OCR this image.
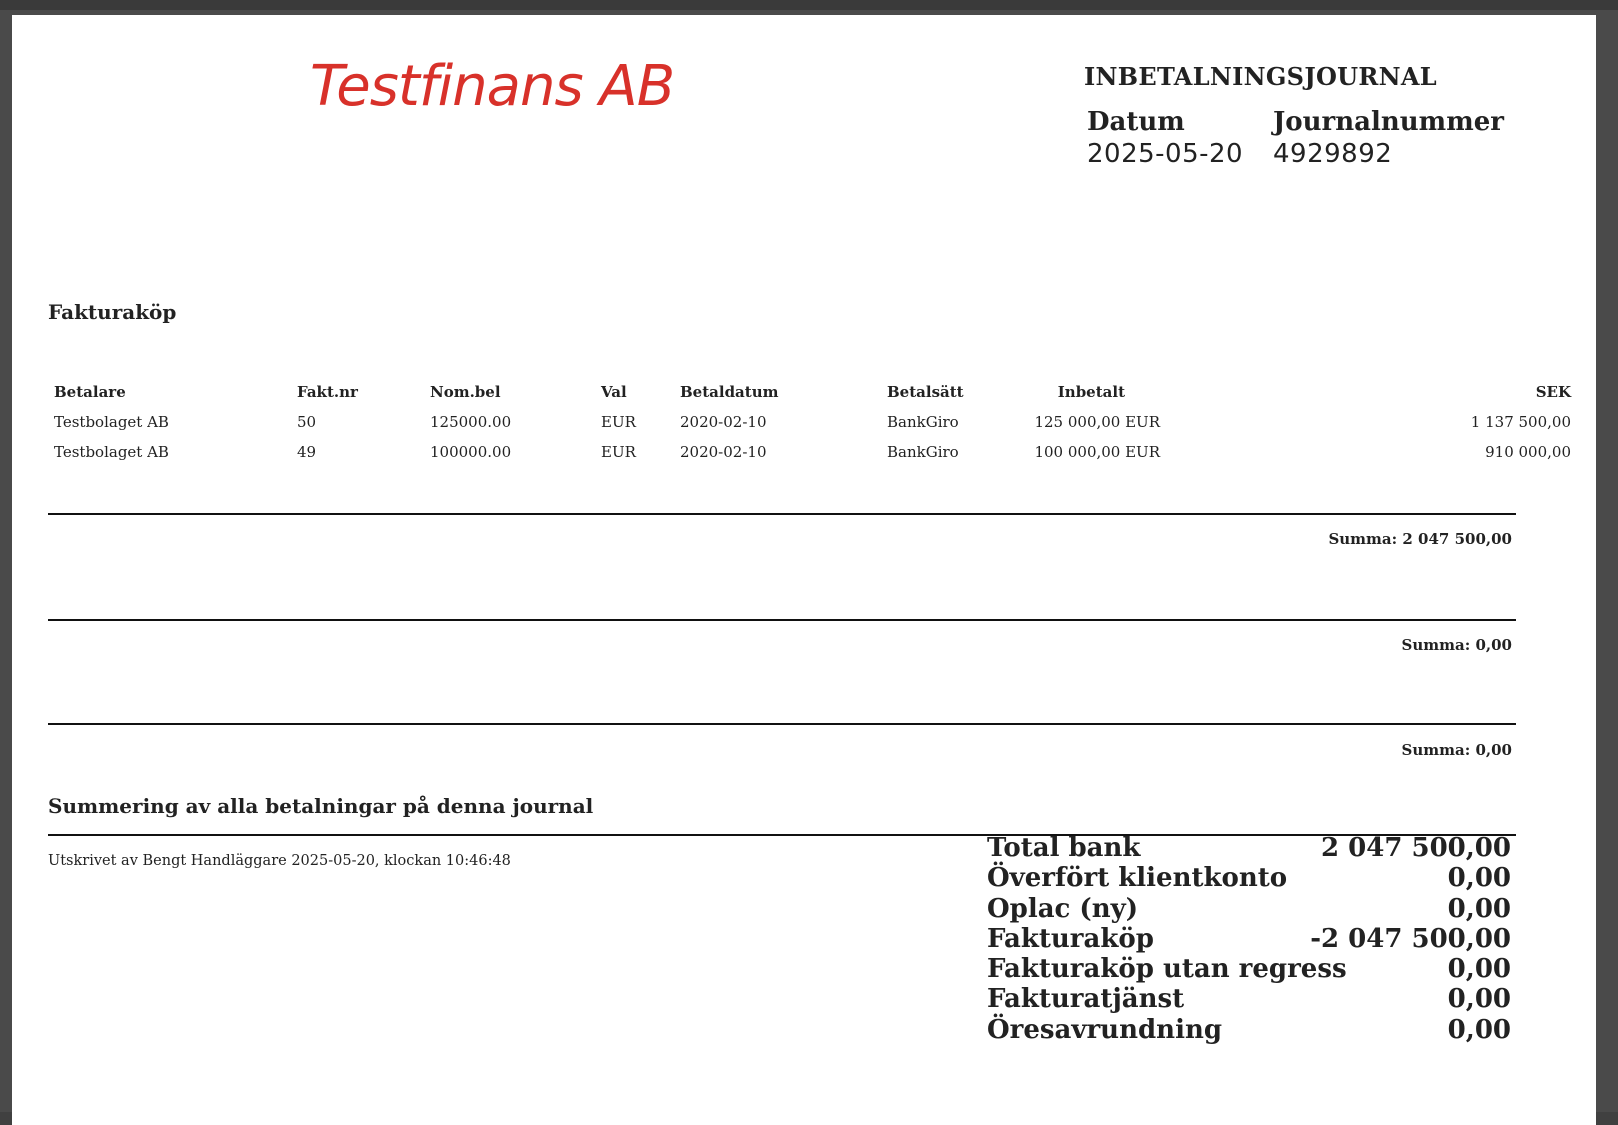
Testfinans AB	INBETALNINGSJOURNAL
Datum
2025-05-20
Journalnummer
4929892
Fakturaköp
Betalare	Fakt.nr	Nom.bel	Val	Betaldatum	Betalsätt	Inbetalt	SEK
Testbolaget AB	50	125000.00	EUR	2020-02-10	BankGiro	125 000,00 EUR	1 137 500,00
Testbolaget AB	49	100000.00	EUR	2020-02-10	BankGiro	100 000,00 EUR	910 000,00
Summa: 2 047 500,00
Summa: 0,00
Summa: 0,00
Summering av alla betalningar på denna journal
Utskrivet av Bengt Handläggare 2025-05-20, klockan 10:46:48	Total bank	2 047 500,00
Överfört klientkonto	0,00
Oplac (ny)	0,00
Fakturaköp	-2 047 500,00
Fakturaköp utan regress	0,00
Fakturatjänst	0,00
Öresavrundning	0,00
